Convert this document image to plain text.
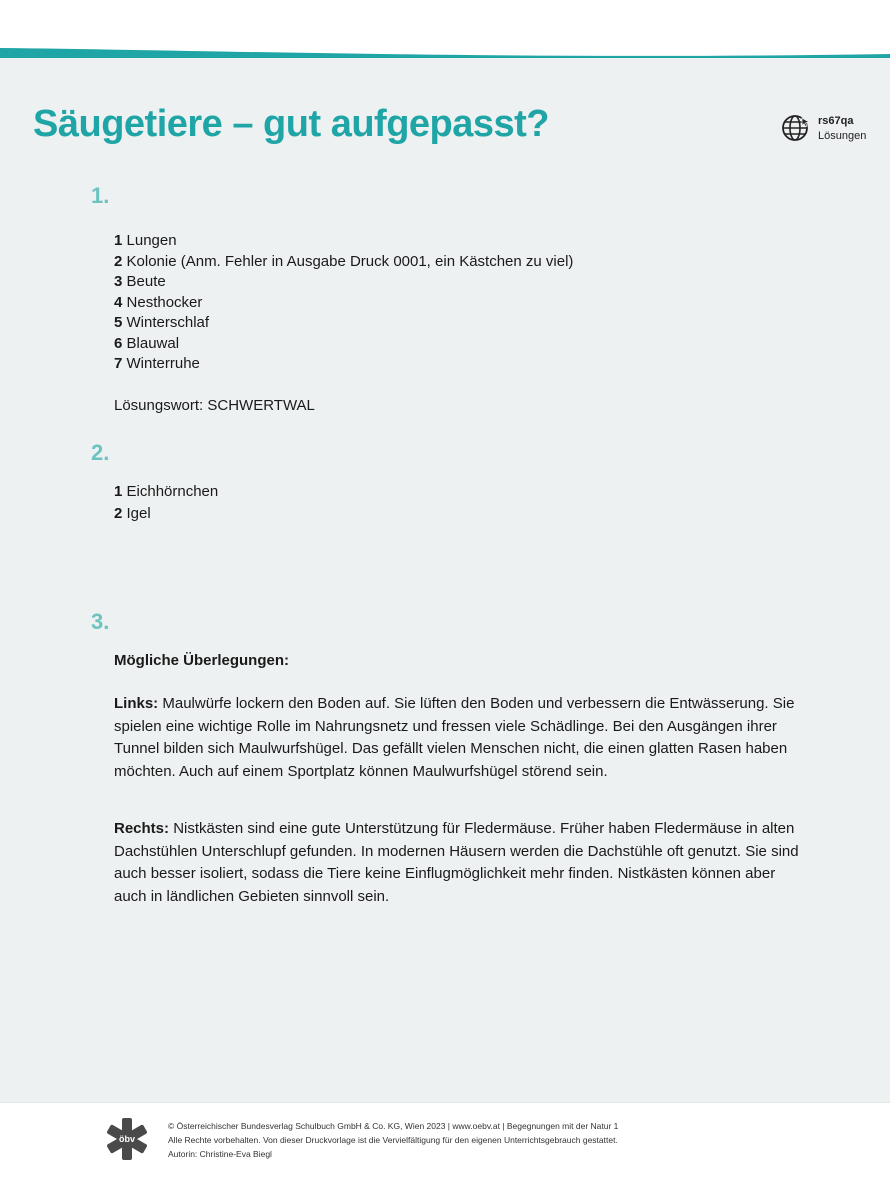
Säugetiere – gut aufgepasst?	rs67qa
Lösungen
1.
1 Lungen
2 Kolonie (Anm. Fehler in Ausgabe Druck 0001, ein Kästchen zu viel)
3 Beute
4 Nesthocker
5 Winterschlaf
6 Blauwal
7 Winterruhe
Lösungswort: SCHWERTWAL
2.
1 Eichhörnchen
2 Igel
3.
Mögliche Überlegungen:
Links: Maulwürfe lockern den Boden auf. Sie lüften den Boden und verbessern die Entwässerung. Sie spielen eine wichtige Rolle im Nahrungsnetz und fressen viele Schädlinge. Bei den Ausgängen ihrer Tunnel bilden sich Maulwurfshügel. Das gefällt vielen Menschen nicht, die einen glatten Rasen haben möchten. Auch auf einem Sportplatz können Maulwurfshügel störend sein.
Rechts: Nistkästen sind eine gute Unterstützung für Fledermäuse. Früher haben Fledermäuse in alten Dachstühlen Unterschlupf gefunden. In modernen Häusern werden die Dachstühle oft genutzt. Sie sind auch besser isoliert, sodass die Tiere keine Einflugmöglichkeit mehr finden. Nistkästen können aber auch in ländlichen Gebieten sinnvoll sein.
öbv
© Österreichischer Bundesverlag Schulbuch GmbH & Co. KG, Wien 2023 | www.oebv.at | Begegnungen mit der Natur 1
Alle Rechte vorbehalten. Von dieser Druckvorlage ist die Vervielfältigung für den eigenen Unterrichtsgebrauch gestattet.
Autorin: Christine-Eva Biegl
